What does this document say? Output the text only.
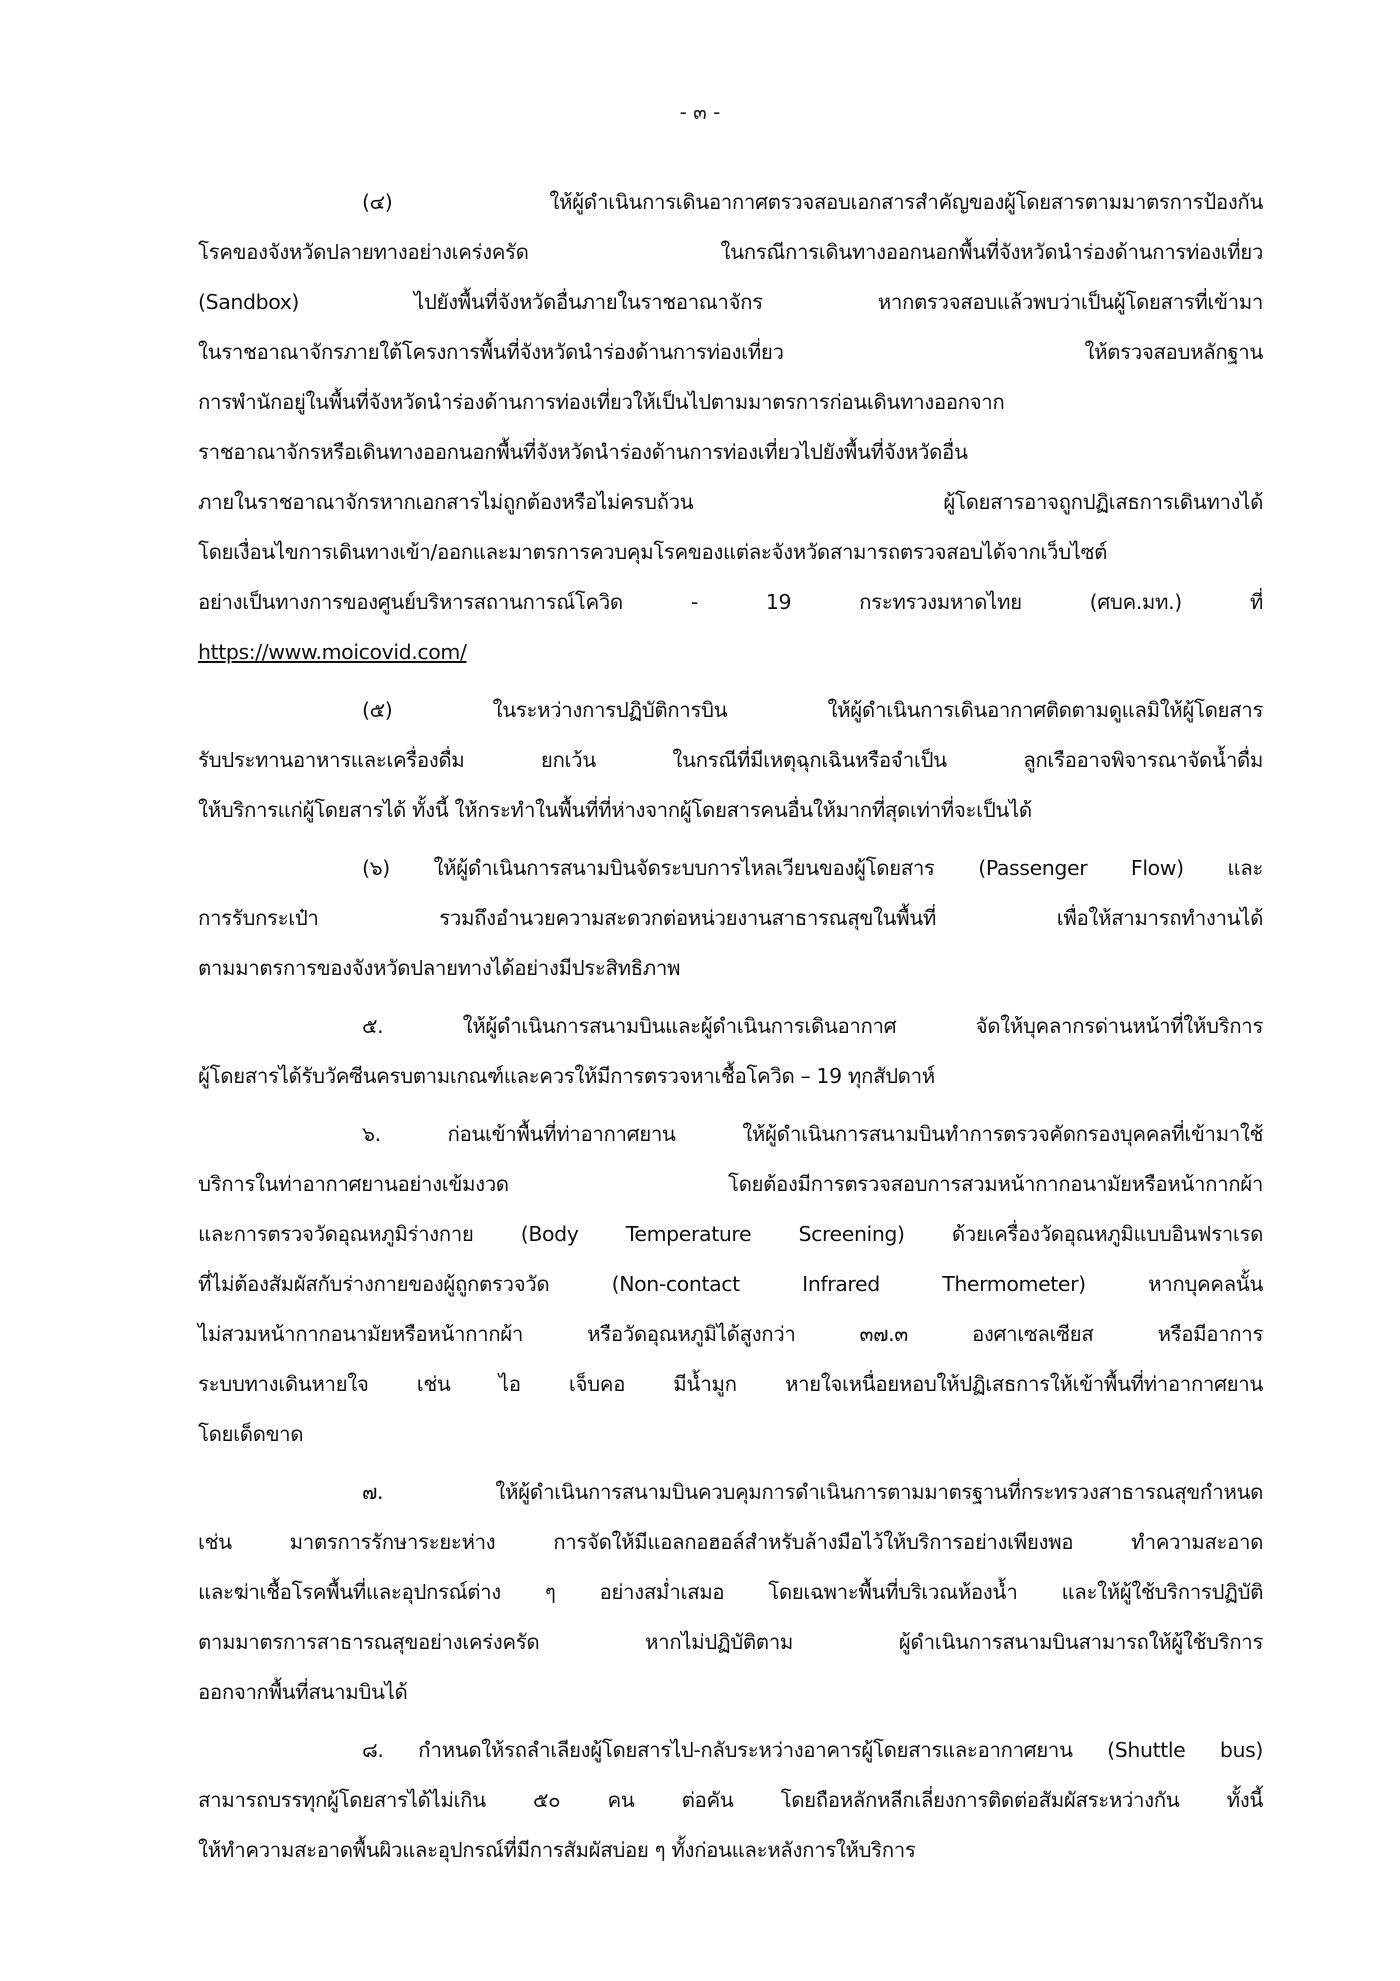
- ๓ -
(๔) ให้ผู้ดำเนินการเดินอากาศตรวจสอบเอกสารสำคัญของผู้โดยสารตามมาตรการป้องกัน
โรคของจังหวัดปลายทางอย่างเคร่งครัด ในกรณีการเดินทางออกนอกพื้นที่จังหวัดนำร่องด้านการท่องเที่ยว
(Sandbox) ไปยังพื้นที่จังหวัดอื่นภายในราชอาณาจักร หากตรวจสอบแล้วพบว่าเป็นผู้โดยสารที่เข้ามา
ในราชอาณาจักรภายใต้โครงการพื้นที่จังหวัดนำร่องด้านการท่องเที่ยว ให้ตรวจสอบหลักฐาน
การพำนักอยู่ในพื้นที่จังหวัดนำร่องด้านการท่องเที่ยวให้เป็นไปตามมาตรการก่อนเดินทางออกจาก
ราชอาณาจักรหรือเดินทางออกนอกพื้นที่จังหวัดนำร่องด้านการท่องเที่ยวไปยังพื้นที่จังหวัดอื่น
ภายในราชอาณาจักรหากเอกสารไม่ถูกต้องหรือไม่ครบถ้วน ผู้โดยสารอาจถูกปฏิเสธการเดินทางได้
โดยเงื่อนไขการเดินทางเข้า/ออกและมาตรการควบคุมโรคของแต่ละจังหวัดสามารถตรวจสอบได้จากเว็บไซต์
อย่างเป็นทางการของศูนย์บริหารสถานการณ์โควิด - 19 กระทรวงมหาดไทย (ศบค.มท.) ที่
(๕) ในระหว่างการปฏิบัติการบิน ให้ผู้ดำเนินการเดินอากาศติดตามดูแลมิให้ผู้โดยสาร
รับประทานอาหารและเครื่องดื่ม ยกเว้น ในกรณีที่มีเหตุฉุกเฉินหรือจำเป็น ลูกเรืออาจพิจารณาจัดน้ำดื่ม
ให้บริการแก่ผู้โดยสารได้ ทั้งนี้ ให้กระทำในพื้นที่ที่ห่างจากผู้โดยสารคนอื่นให้มากที่สุดเท่าที่จะเป็นได้
(๖) ให้ผู้ดำเนินการสนามบินจัดระบบการไหลเวียนของผู้โดยสาร (Passenger Flow) และ
การรับกระเป๋า รวมถึงอำนวยความสะดวกต่อหน่วยงานสาธารณสุขในพื้นที่ เพื่อให้สามารถทำงานได้
ตามมาตรการของจังหวัดปลายทางได้อย่างมีประสิทธิภาพ
๕. ให้ผู้ดำเนินการสนามบินและผู้ดำเนินการเดินอากาศ จัดให้บุคลากรด่านหน้าที่ให้บริการ
ผู้โดยสารได้รับวัคซีนครบตามเกณฑ์และควรให้มีการตรวจหาเชื้อโควิด – 19 ทุกสัปดาห์
๖. ก่อนเข้าพื้นที่ท่าอากาศยาน ให้ผู้ดำเนินการสนามบินทำการตรวจคัดกรองบุคคลที่เข้ามาใช้
บริการในท่าอากาศยานอย่างเข้มงวด โดยต้องมีการตรวจสอบการสวมหน้ากากอนามัยหรือหน้ากากผ้า
และการตรวจวัดอุณหภูมิร่างกาย (Body Temperature Screening) ด้วยเครื่องวัดอุณหภูมิแบบอินฟราเรด
ที่ไม่ต้องสัมผัสกับร่างกายของผู้ถูกตรวจวัด (Non-contact Infrared Thermometer) หากบุคคลนั้น
ไม่สวมหน้ากากอนามัยหรือหน้ากากผ้า หรือวัดอุณหภูมิได้สูงกว่า ๓๗.๓ องศาเซลเซียส หรือมีอาการ
ระบบทางเดินหายใจ เช่น ไอ เจ็บคอ มีน้ำมูก หายใจเหนื่อยหอบให้ปฏิเสธการให้เข้าพื้นที่ท่าอากาศยาน
โดยเด็ดขาด
๗. ให้ผู้ดำเนินการสนามบินควบคุมการดำเนินการตามมาตรฐานที่กระทรวงสาธารณสุขกำหนด
เช่น มาตรการรักษาระยะห่าง การจัดให้มีแอลกอฮอล์สำหรับล้างมือไว้ให้บริการอย่างเพียงพอ ทำความสะอาด
และฆ่าเชื้อโรคพื้นที่และอุปกรณ์ต่าง ๆ อย่างสม่ำเสมอ โดยเฉพาะพื้นที่บริเวณห้องน้ำ และให้ผู้ใช้บริการปฏิบัติ
ตามมาตรการสาธารณสุขอย่างเคร่งครัด หากไม่ปฏิบัติตาม ผู้ดำเนินการสนามบินสามารถให้ผู้ใช้บริการ
ออกจากพื้นที่สนามบินได้
๘. กำหนดให้รถลำเลียงผู้โดยสารไป-กลับระหว่างอาคารผู้โดยสารและอากาศยาน (Shuttle bus)
สามารถบรรทุกผู้โดยสารได้ไม่เกิน ๕๐ คน ต่อคัน โดยถือหลักหลีกเลี่ยงการติดต่อสัมผัสระหว่างกัน ทั้งนี้
ให้ทำความสะอาดพื้นผิวและอุปกรณ์ที่มีการสัมผัสบ่อย ๆ ทั้งก่อนและหลังการให้บริการ
https://www.moicovid.com/
